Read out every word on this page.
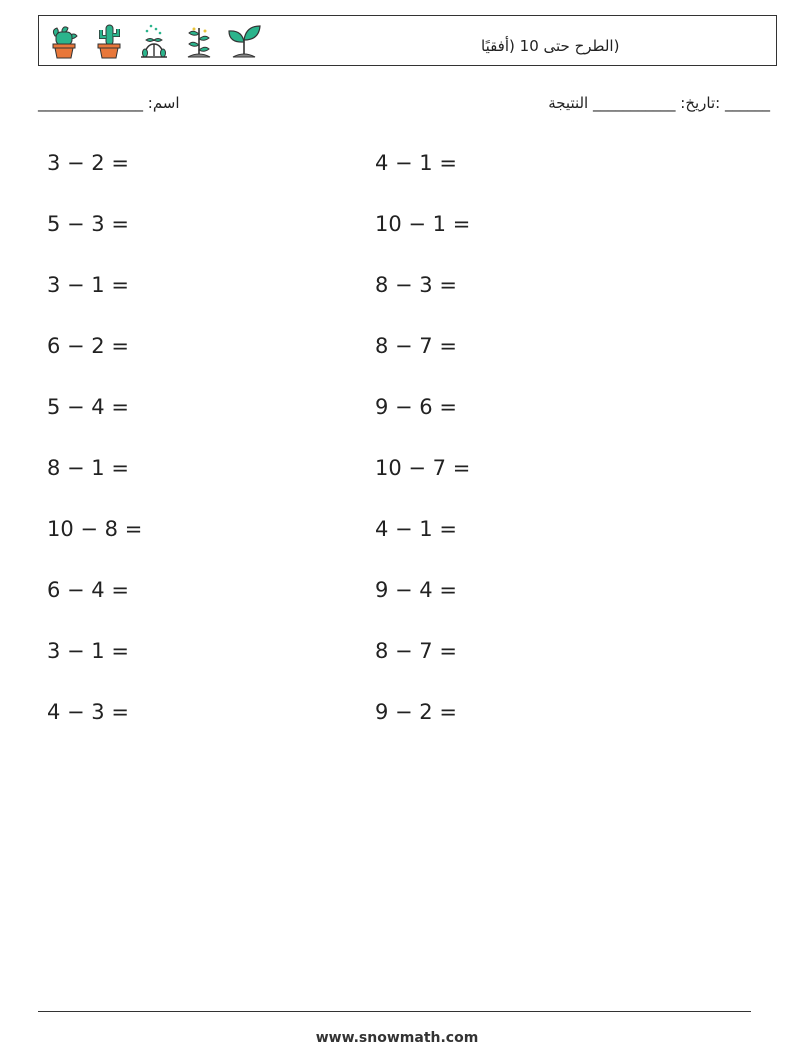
(الطرح حتى 10 (أفقيًا
______ :تاريخ: ___________ النتيجة
اسم: ______________
3 − 2 =	4 − 1 =
5 − 3 =	10 − 1 =
3 − 1 =	8 − 3 =
6 − 2 =	8 − 7 =
5 − 4 =	9 − 6 =
8 − 1 =	10 − 7 =
10 − 8 =	4 − 1 =
6 − 4 =	9 − 4 =
3 − 1 =	8 − 7 =
4 − 3 =	9 − 2 =
www.snowmath.com
